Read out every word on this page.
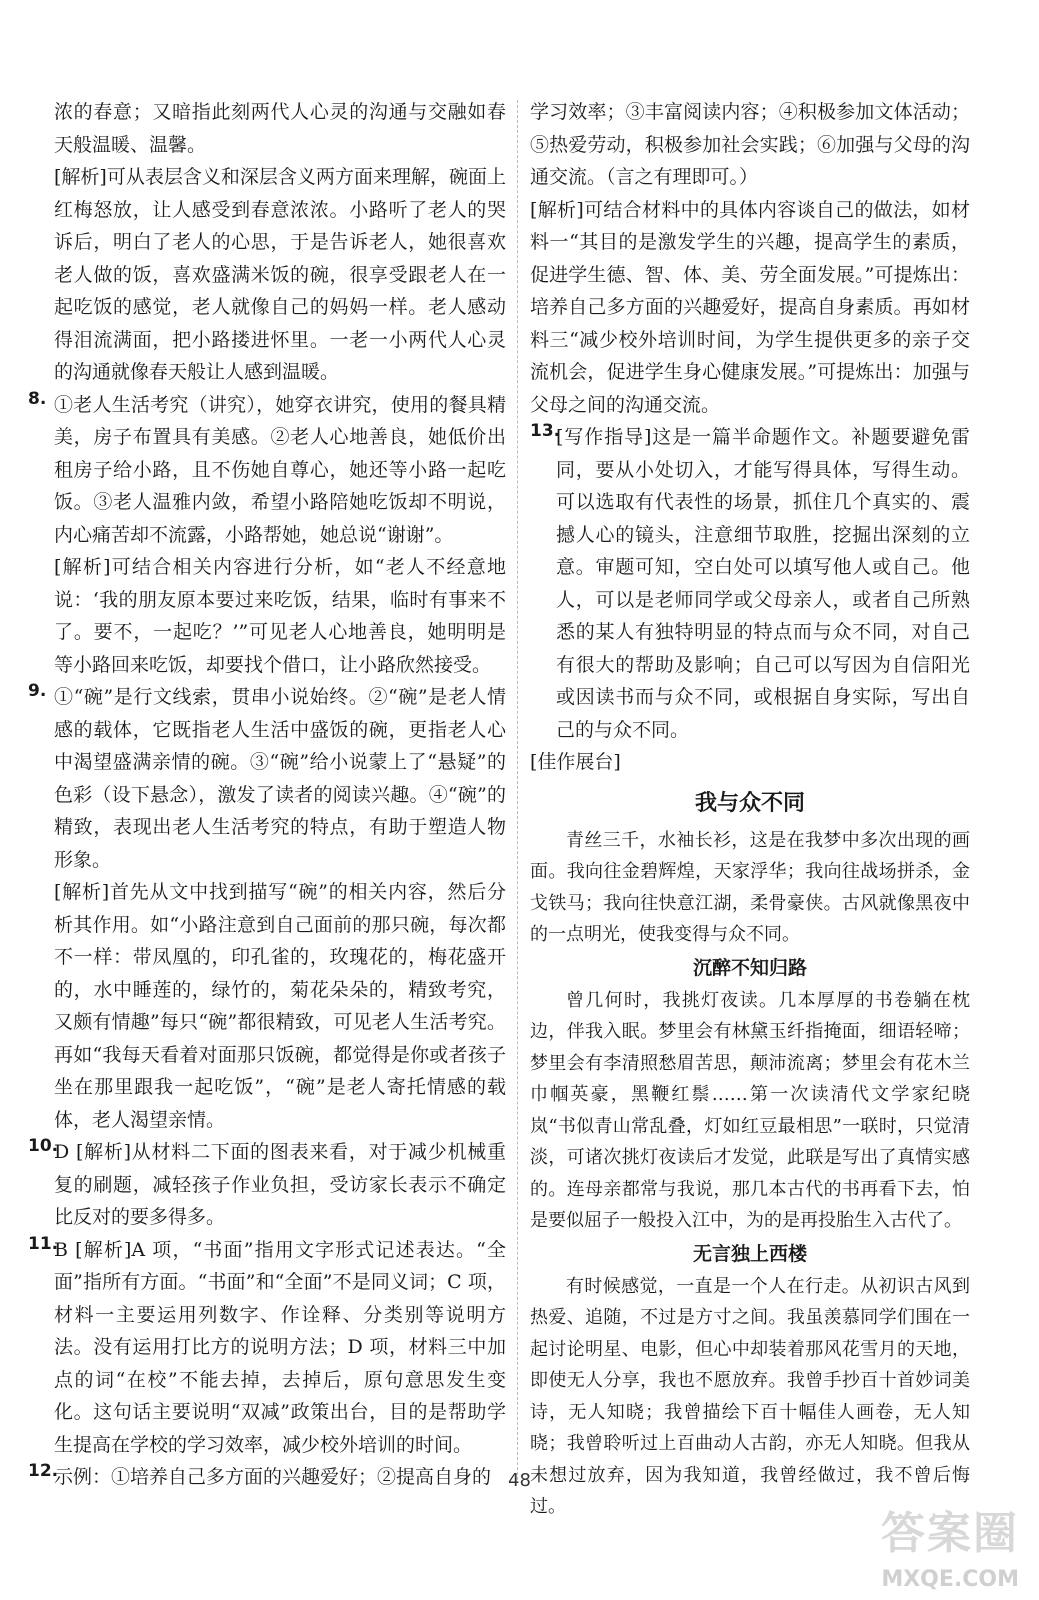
浓的春意；又暗指此刻两代人心灵的沟通与交融如春天般温暖、温馨。

[解析]可从表层含义和深层含义两方面来理解，碗面上红梅怒放，让人感受到春意浓浓。小路听了老人的哭诉后，明白了老人的心思，于是告诉老人，她很喜欢老人做的饭，喜欢盛满米饭的碗，很享受跟老人在一起吃饭的感觉，老人就像自己的妈妈一样。老人感动得泪流满面，把小路搂进怀里。一老一小两代人心灵的沟通就像春天般让人感到温暖。

8. ①老人生活考究（讲究），她穿衣讲究，使用的餐具精美，房子布置具有美感。②老人心地善良，她低价出租房子给小路，且不伤她自尊心，她还等小路一起吃饭。③老人温雅内敛，希望小路陪她吃饭却不明说，内心痛苦却不流露，小路帮她，她总说“谢谢”。

[解析]可结合相关内容进行分析，如“老人不经意地说：‘我的朋友原本要过来吃饭，结果，临时有事来不了。要不，一起吃？’”可见老人心地善良，她明明是等小路回来吃饭，却要找个借口，让小路欣然接受。

9. ①“碗”是行文线索，贯串小说始终。②“碗”是老人情感的载体，它既指老人生活中盛饭的碗，更指老人心中渴望盛满亲情的碗。③“碗”给小说蒙上了“悬疑”的色彩（设下悬念），激发了读者的阅读兴趣。④“碗”的精致，表现出老人生活考究的特点，有助于塑造人物形象。

[解析]首先从文中找到描写“碗”的相关内容，然后分析其作用。如“小路注意到自己面前的那只碗，每次都不一样：带凤凰的，印孔雀的，玫瑰花的，梅花盛开的，水中睡莲的，绿竹的，菊花朵朵的，精致考究，又颇有情趣”每只“碗”都很精致，可见老人生活考究。再如“我每天看着对面那只饭碗，都觉得是你或者孩子坐在那里跟我一起吃饭”，“碗”是老人寄托情感的载体，老人渴望亲情。

10.

D [解析]从材料二下面的图表来看，对于减少机械重复的刷题，减轻孩子作业负担，受访家长表示不确定比反对的要多得多。

11.

B [解析]A 项，“书面”指用文字形式记述表达。“全面”指所有方面。“书面”和“全面”不是同义词；C 项，材料一主要运用列数字、作诠释、分类别等说明方法。没有运用打比方的说明方法；D 项，材料三中加点的词“在校”不能去掉，去掉后，原句意思发生变化。这句话主要说明“双减”政策出台，目的是帮助学生提高在学校的学习效率，减少校外培训的时间。

12.

示例：①培养自己多方面的兴趣爱好；②提高自身的

学习效率；③丰富阅读内容；④积极参加文体活动；⑤热爱劳动，积极参加社会实践；⑥加强与父母的沟通交流。（言之有理即可。）

[解析]可结合材料中的具体内容谈自己的做法，如材料一“其目的是激发学生的兴趣，提高学生的素质，促进学生德、智、体、美、劳全面发展。”可提炼出：培养自己多方面的兴趣爱好，提高自身素质。再如材料三“减少校外培训时间，为学生提供更多的亲子交流机会，促进学生身心健康发展。”可提炼出：加强与父母之间的沟通交流。

13.

[写作指导]这是一篇半命题作文。补题要避免雷同，要从小处切入，才能写得具体，写得生动。可以选取有代表性的场景，抓住几个真实的、震撼人心的镜头，注意细节取胜，挖掘出深刻的立意。审题可知，空白处可以填写他人或自己。他人，可以是老师同学或父母亲人，或者自己所熟悉的某人有独特明显的特点而与众不同，对自己有很大的帮助及影响；自己可以写因为自信阳光或因读书而与众不同，或根据自身实际，写出自己的与众不同。

[佳作展台]

我与众不同

青丝三千，水袖长衫，这是在我梦中多次出现的画面。我向往金碧辉煌，天家浮华；我向往战场拼杀，金戈铁马；我向往快意江湖，柔骨豪侠。古风就像黑夜中的一点明光，使我变得与众不同。

沉醉不知归路

曾几何时，我挑灯夜读。几本厚厚的书卷躺在枕边，伴我入眠。梦里会有林黛玉纤指掩面，细语轻啼；梦里会有李清照愁眉苦思，颠沛流离；梦里会有花木兰巾帼英豪，黑鞭红鬃……第一次读清代文学家纪晓岚“书似青山常乱叠，灯如红豆最相思”一联时，只觉清淡，可诸次挑灯夜读后才发觉，此联是写出了真情实感的。连母亲都常与我说，那几本古代的书再看下去，怕是要似屈子一般投入江中，为的是再投胎生入古代了。

无言独上西楼

有时候感觉，一直是一个人在行走。从初识古风到热爱、追随，不过是方寸之间。我虽羡慕同学们围在一起讨论明星、电影，但心中却装着那风花雪月的天地，即使无人分享，我也不愿放弃。我曾手抄百十首妙词美诗，无人知晓；我曾描绘下百十幅佳人画卷，无人知晓；我曾聆听过上百曲动人古韵，亦无人知晓。但我从未想过放弃，因为我知道，我曾经做过，我不曾后悔过。

48
答案圈
MXQE.COM
